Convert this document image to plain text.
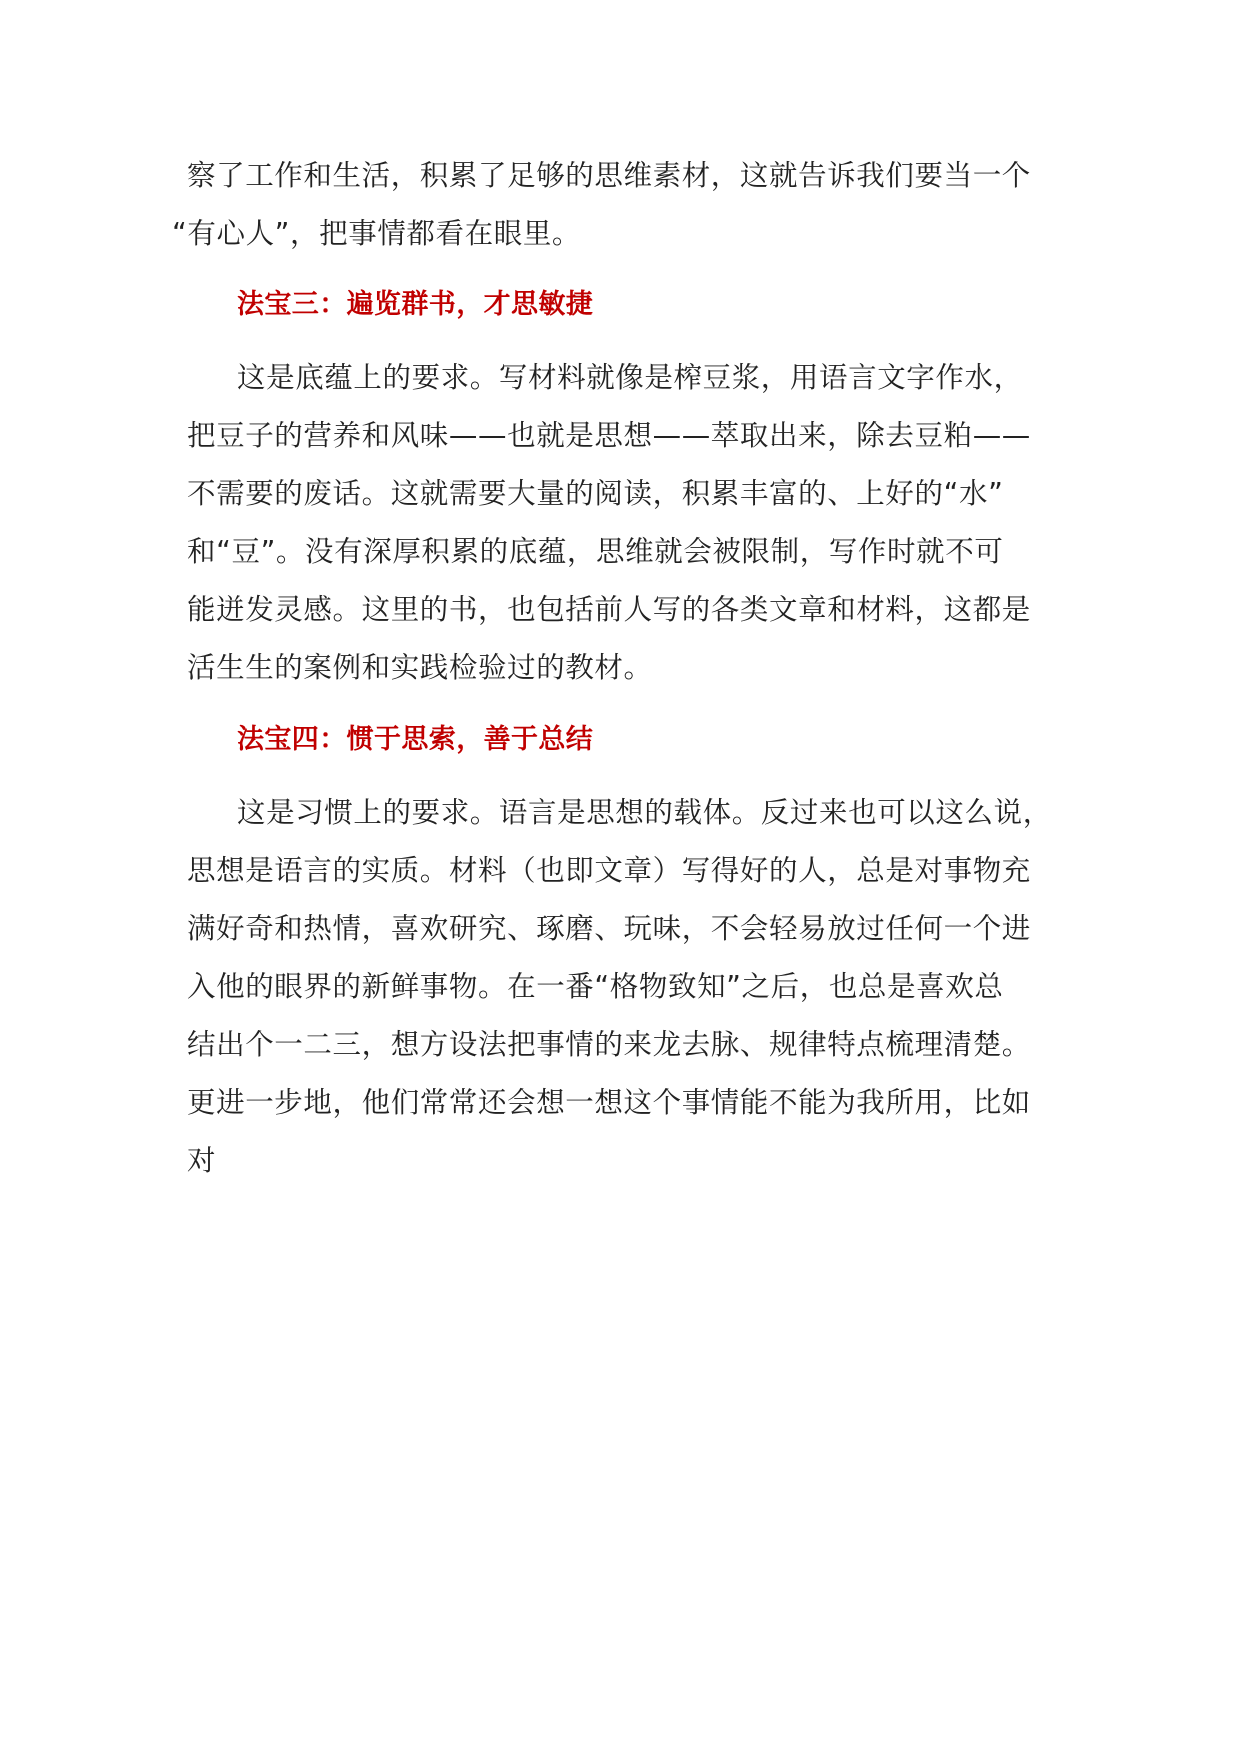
察了工作和生活，积累了足够的思维素材，这就告诉我们要当一个
“有心人”，把事情都看在眼里。
法宝三：遍览群书，才思敏捷
这是底蕴上的要求。写材料就像是榨豆浆，用语言文字作水，
把豆子的营养和风味——也就是思想——萃取出来，除去豆粕——
不需要的废话。这就需要大量的阅读，积累丰富的、上好的“水”
和“豆”。没有深厚积累的底蕴，思维就会被限制，写作时就不可
能迸发灵感。这里的书，也包括前人写的各类文章和材料，这都是
活生生的案例和实践检验过的教材。
法宝四：惯于思索，善于总结
这是习惯上的要求。语言是思想的载体。反过来也可以这么说，
思想是语言的实质。材料（也即文章）写得好的人，总是对事物充
满好奇和热情，喜欢研究、琢磨、玩味，不会轻易放过任何一个进
入他的眼界的新鲜事物。在一番“格物致知”之后，也总是喜欢总
结出个一二三，想方设法把事情的来龙去脉、规律特点梳理清楚。
更进一步地，他们常常还会想一想这个事情能不能为我所用，比如
对
